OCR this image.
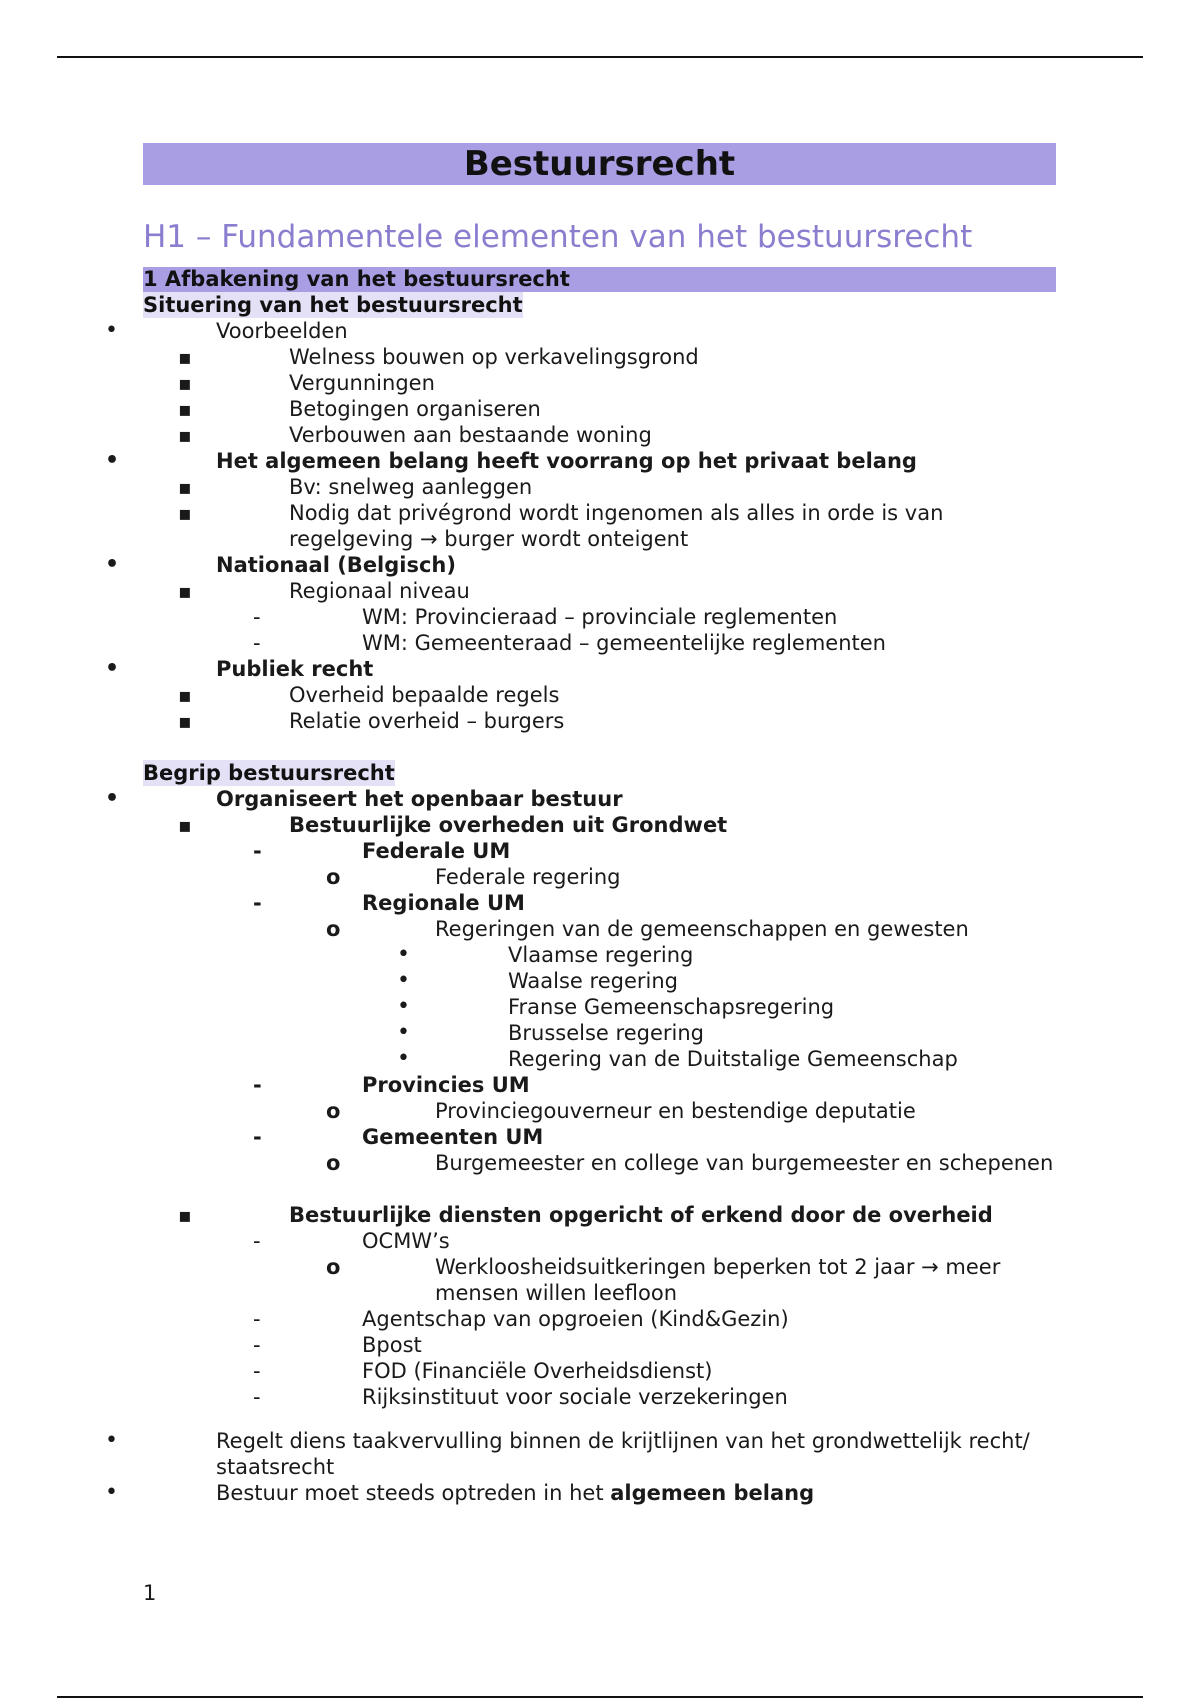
Bestuursrecht
H1 – Fundamentele elementen van het bestuursrecht
1 Afbakening van het bestuursrecht
Situering van het bestuursrecht
• Voorbeelden
▪ Welness bouwen op verkavelingsgrond
▪ Vergunningen
▪ Betogingen organiseren
▪ Verbouwen aan bestaande woning
• Het algemeen belang heeft voorrang op het privaat belang
▪ Bv: snelweg aanleggen
▪ Nodig dat privégrond wordt ingenomen als alles in orde is van regelgeving → burger wordt onteigent
• Nationaal (Belgisch)
▪ Regionaal niveau
- WM: Provincieraad – provinciale reglementen
- WM: Gemeenteraad – gemeentelijke reglementen
• Publiek recht
▪ Overheid bepaalde regels
▪ Relatie overheid – burgers
Begrip bestuursrecht
• Organiseert het openbaar bestuur
▪ Bestuurlijke overheden uit Grondwet
- Federale UM
o Federale regering
- Regionale UM
o Regeringen van de gemeenschappen en gewesten
• Vlaamse regering
• Waalse regering
• Franse Gemeenschapsregering
• Brusselse regering
• Regering van de Duitstalige Gemeenschap
- Provincies UM
o Provinciegouverneur en bestendige deputatie
- Gemeenten UM
o Burgemeester en college van burgemeester en schepenen
▪ Bestuurlijke diensten opgericht of erkend door de overheid
- OCMW’s
o Werkloosheidsuitkeringen beperken tot 2 jaar → meer mensen willen leefloon
- Agentschap van opgroeien (Kind&Gezin)
- Bpost
- FOD (Financiële Overheidsdienst)
- Rijksinstituut voor sociale verzekeringen
• Regelt diens taakvervulling binnen de krijtlijnen van het grondwettelijk recht/ staatsrecht
• Bestuur moet steeds optreden in het algemeen belang
1
